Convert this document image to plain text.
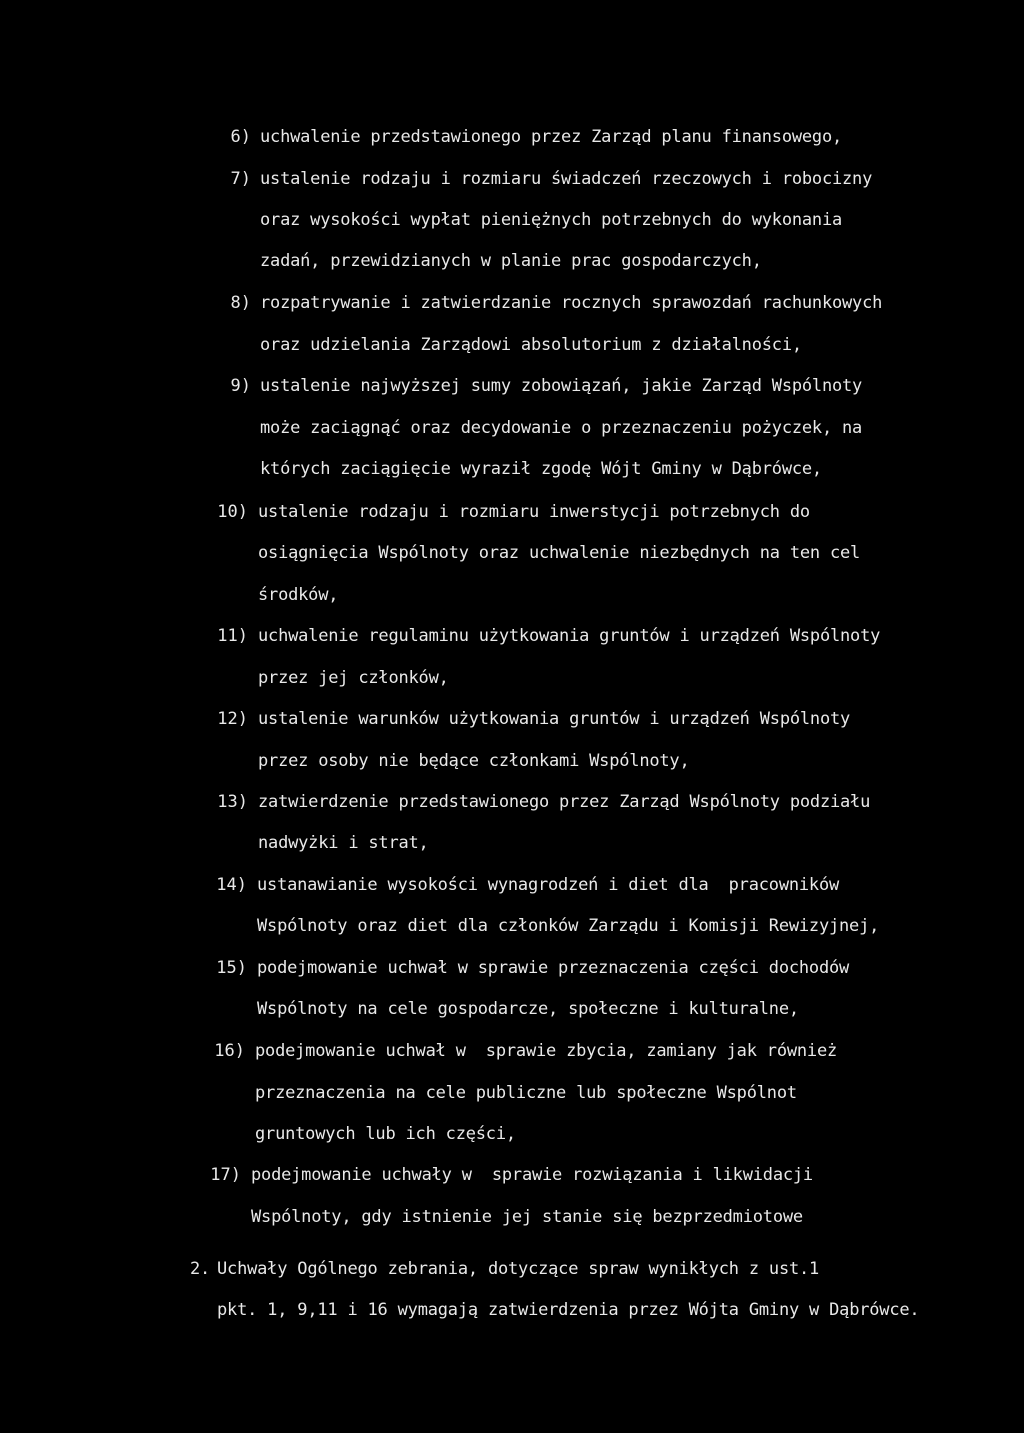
6) uchwalenie przedstawionego przez Zarząd planu finansowego,
7) ustalenie rodzaju i rozmiaru świadczeń rzeczowych i robocizny
oraz wysokości wypłat pieniężnych potrzebnych do wykonania
zadań, przewidzianych w planie prac gospodarczych,
8) rozpatrywanie i zatwierdzanie rocznych sprawozdań rachunkowych
oraz udzielania Zarządowi absolutorium z działalności,
9) ustalenie najwyższej sumy zobowiązań, jakie Zarząd Wspólnoty
może zaciągnąć oraz decydowanie o przeznaczeniu pożyczek, na
których zaciągięcie wyraził zgodę Wójt Gminy w Dąbrówce,
10) ustalenie rodzaju i rozmiaru inwerstycji potrzebnych do
osiągnięcia Wspólnoty oraz uchwalenie niezbędnych na ten cel
środków,
11) uchwalenie regulaminu użytkowania gruntów i urządzeń Wspólnoty
przez jej członków,
12) ustalenie warunków użytkowania gruntów i urządzeń Wspólnoty
przez osoby nie będące członkami Wspólnoty,
13) zatwierdzenie przedstawionego przez Zarząd Wspólnoty podziału
nadwyżki i strat,
14) ustanawianie wysokości wynagrodzeń i diet dla  pracowników
Wspólnoty oraz diet dla członków Zarządu i Komisji Rewizyjnej,
15) podejmowanie uchwał w sprawie przeznaczenia części dochodów
Wspólnoty na cele gospodarcze, społeczne i kulturalne,
16) podejmowanie uchwał w  sprawie zbycia, zamiany jak również
przeznaczenia na cele publiczne lub społeczne Wspólnot
gruntowych lub ich części,
17) podejmowanie uchwały w  sprawie rozwiązania i likwidacji
Wspólnoty, gdy istnienie jej stanie się bezprzedmiotowe
2. Uchwały Ogólnego zebrania, dotyczące spraw wynikłych z ust.1
pkt. 1, 9,11 i 16 wymagają zatwierdzenia przez Wójta Gminy w Dąbrówce.
